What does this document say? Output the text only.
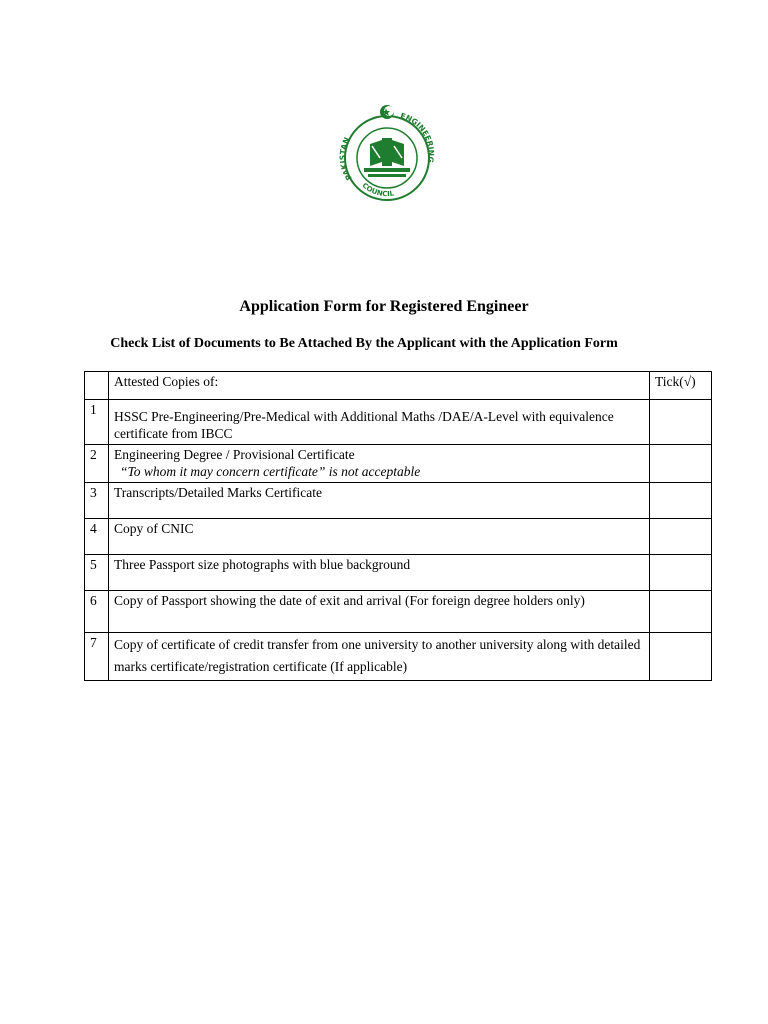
PAKISTAN
ENGINEERING
COUNCIL
Application Form for Registered Engineer
Check List of Documents to Be Attached By the Applicant with the Application Form
	Attested Copies of:	Tick(√)
1	HSSC Pre-Engineering/Pre-Medical with Additional Maths /DAE/A-Level with equivalence certificate from IBCC	

2	Engineering Degree / Provisional Certificate
“To whom it may concern certificate” is not acceptable	

3	Transcripts/Detailed Marks Certificate	
4	Copy of CNIC	
5	Three Passport size photographs with blue background	
6	Copy of Passport showing the date of exit and arrival (For foreign degree holders only)	
7	Copy of certificate of credit transfer from one university to another university along with detailed marks certificate/registration certificate (If applicable)	
